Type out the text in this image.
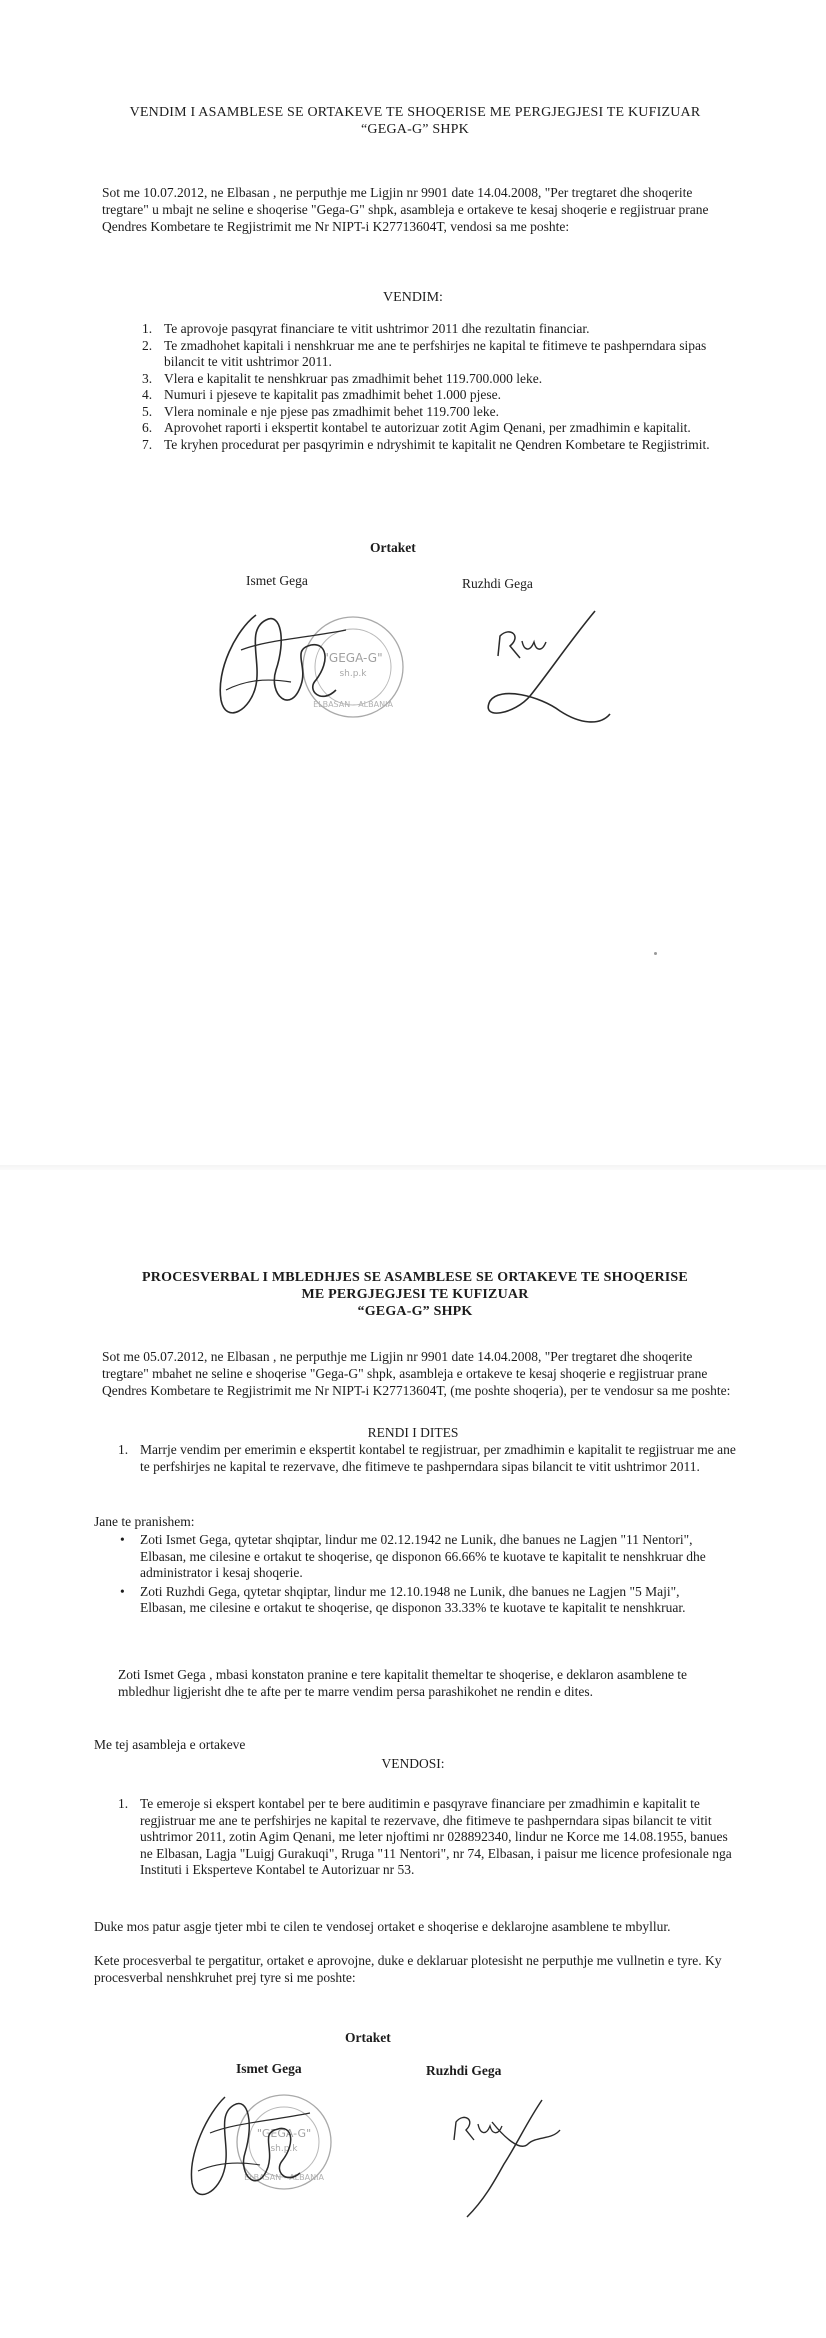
VENDIM I ASAMBLESE SE ORTAKEVE TE SHOQERISE ME PERGJEGJESI TE KUFIZUAR
“GEGA-G” SHPK
Sot me 10.07.2012, ne Elbasan , ne perputhje me Ligjin nr 9901 date 14.04.2008, "Per tregtaret dhe shoqerite tregtare" u mbajt ne seline e shoqerise "Gega-G" shpk, asambleja e ortakeve te kesaj shoqerie e regjistruar prane Qendres Kombetare te Regjistrimit me Nr NIPT-i K27713604T, vendosi sa me poshte:
VENDIM:
1. Te aprovoje pasqyrat financiare te vitit ushtrimor 2011 dhe rezultatin financiar.
2. Te zmadhohet kapitali i nenshkruar me ane te perfshirjes ne kapital te fitimeve te pashperndara sipas bilancit te vitit ushtrimor 2011.
3. Vlera e kapitalit te nenshkruar pas zmadhimit behet 119.700.000 leke.
4. Numuri i pjeseve te kapitalit pas zmadhimit behet 1.000 pjese.
5. Vlera nominale e nje pjese pas zmadhimit behet 119.700 leke.
6. Aprovohet raporti i ekspertit kontabel te autorizuar zotit Agim Qenani, per zmadhimin e kapitalit.
7. Te kryhen procedurat per pasqyrimin e ndryshimit te kapitalit ne Qendren Kombetare te Regjistrimit.
Ortaket
Ismet Gega	Ruzhdi Gega
"GEGA-G"
sh.p.k
ELBASAN - ALBANIA
PROCESVERBAL I MBLEDHJES SE ASAMBLESE SE ORTAKEVE TE SHOQERISE
ME PERGJEGJESI TE KUFIZUAR
“GEGA-G” SHPK
Sot me 05.07.2012, ne Elbasan , ne perputhje me Ligjin nr 9901 date 14.04.2008, "Per tregtaret dhe shoqerite tregtare" mbahet ne seline e shoqerise "Gega-G" shpk, asambleja e ortakeve te kesaj shoqerie e regjistruar prane Qendres Kombetare te Regjistrimit me Nr NIPT-i K27713604T, (me poshte shoqeria), per te vendosur sa me poshte:
RENDI I DITES
1. Marrje vendim per emerimin e ekspertit kontabel te regjistruar, per zmadhimin e kapitalit te regjistruar me ane te perfshirjes ne kapital te rezervave, dhe fitimeve te pashperndara sipas bilancit te vitit ushtrimor 2011.
Jane te pranishem:
• Zoti Ismet Gega, qytetar shqiptar, lindur me 02.12.1942 ne Lunik, dhe banues ne Lagjen "11 Nentori", Elbasan, me cilesine e ortakut te shoqerise, qe disponon 66.66% te kuotave te kapitalit te nenshkruar dhe administrator i kesaj shoqerie.
• Zoti Ruzhdi Gega, qytetar shqiptar, lindur me 12.10.1948 ne Lunik, dhe banues ne Lagjen "5 Maji", Elbasan, me cilesine e ortakut te shoqerise, qe disponon 33.33% te kuotave te kapitalit te nenshkruar.
Zoti Ismet Gega , mbasi konstaton pranine e tere kapitalit themeltar te shoqerise, e deklaron asamblene te mbledhur ligjerisht dhe te afte per te marre vendim persa parashikohet ne rendin e dites.
Me tej asambleja e ortakeve
VENDOSI:
1. Te emeroje si ekspert kontabel per te bere auditimin e pasqyrave financiare per zmadhimin e kapitalit te regjistruar me ane te perfshirjes ne kapital te rezervave, dhe fitimeve te pashperndara sipas bilancit te vitit ushtrimor 2011, zotin Agim Qenani, me leter njoftimi nr 028892340, lindur ne Korce me 14.08.1955, banues ne Elbasan, Lagja "Luigj Gurakuqi", Rruga "11 Nentori", nr 74, Elbasan, i paisur me licence profesionale nga Instituti i Eksperteve Kontabel te Autorizuar nr 53.
Duke mos patur asgje tjeter mbi te cilen te vendosej ortaket e shoqerise e deklarojne asamblene te mbyllur.
Kete procesverbal te pergatitur, ortaket e aprovojne, duke e deklaruar plotesisht ne perputhje me vullnetin e tyre. Ky procesverbal nenshkruhet prej tyre si me poshte:
Ortaket
Ismet Gega	Ruzhdi Gega
"GEGA-G"
sh.p.k
ELBASAN - ALBANIA
